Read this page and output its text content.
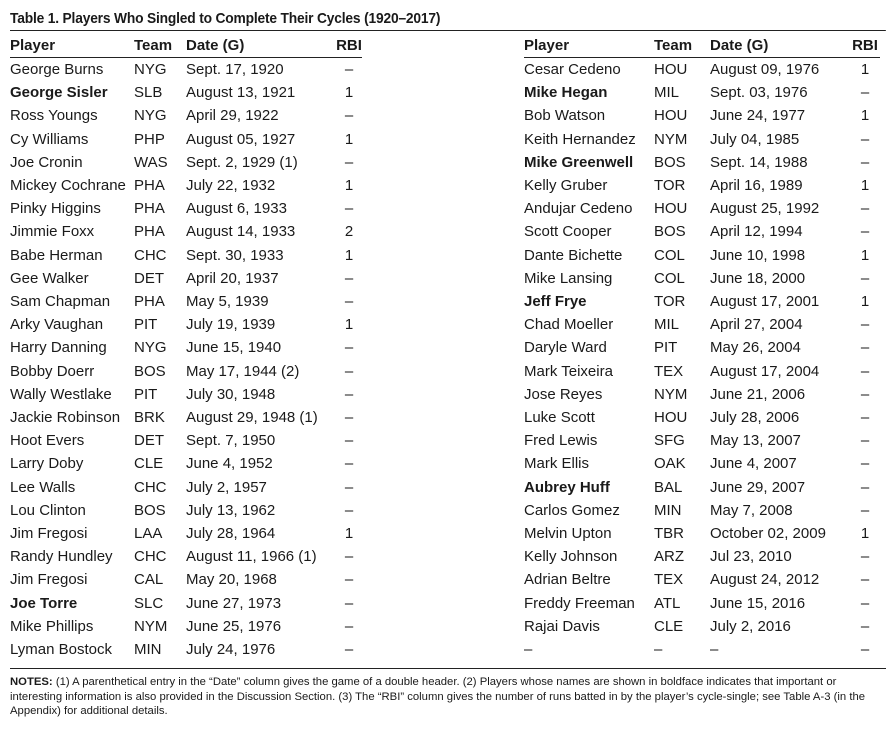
Table 1. Players Who Singled to Complete Their Cycles (1920–2017)
Player	Team	Date (G)	RBI
George Burns	NYG	Sept. 17, 1920	–
George Sisler	SLB	August 13, 1921	1
Ross Youngs	NYG	April 29, 1922	–
Cy Williams	PHP	August 05, 1927	1
Joe Cronin	WAS	Sept. 2, 1929 (1)	–
Mickey Cochrane	PHA	July 22, 1932	1
Pinky Higgins	PHA	August 6, 1933	–
Jimmie Foxx	PHA	August 14, 1933	2
Babe Herman	CHC	Sept. 30, 1933	1
Gee Walker	DET	April 20, 1937	–
Sam Chapman	PHA	May 5, 1939	–
Arky Vaughan	PIT	July 19, 1939	1
Harry Danning	NYG	June 15, 1940	–
Bobby Doerr	BOS	May 17, 1944 (2)	–
Wally Westlake	PIT	July 30, 1948	–
Jackie Robinson	BRK	August 29, 1948 (1)	–
Hoot Evers	DET	Sept. 7, 1950	–
Larry Doby	CLE	June 4, 1952	–
Lee Walls	CHC	July 2, 1957	–
Lou Clinton	BOS	July 13, 1962	–
Jim Fregosi	LAA	July 28, 1964	1
Randy Hundley	CHC	August 11, 1966 (1)	–
Jim Fregosi	CAL	May 20, 1968	–
Joe Torre	SLC	June 27, 1973	–
Mike Phillips	NYM	June 25, 1976	–
Lyman Bostock	MIN	July 24, 1976	–
Player	Team	Date (G)	RBI
Cesar Cedeno	HOU	August 09, 1976	1
Mike Hegan	MIL	Sept. 03, 1976	–
Bob Watson	HOU	June 24, 1977	1
Keith Hernandez	NYM	July 04, 1985	–
Mike Greenwell	BOS	Sept. 14, 1988	–
Kelly Gruber	TOR	April 16, 1989	1
Andujar Cedeno	HOU	August 25, 1992	–
Scott Cooper	BOS	April 12, 1994	–
Dante Bichette	COL	June 10, 1998	1
Mike Lansing	COL	June 18, 2000	–
Jeff Frye	TOR	August 17, 2001	1
Chad Moeller	MIL	April 27, 2004	–
Daryle Ward	PIT	May 26, 2004	–
Mark Teixeira	TEX	August 17, 2004	–
Jose Reyes	NYM	June 21, 2006	–
Luke Scott	HOU	July 28, 2006	–
Fred Lewis	SFG	May 13, 2007	–
Mark Ellis	OAK	June 4, 2007	–
Aubrey Huff	BAL	June 29, 2007	–
Carlos Gomez	MIN	May 7, 2008	–
Melvin Upton	TBR	October 02, 2009	1
Kelly Johnson	ARZ	Jul 23, 2010	–
Adrian Beltre	TEX	August 24, 2012	–
Freddy Freeman	ATL	June 15, 2016	–
Rajai Davis	CLE	July 2, 2016	–
–	–	–	–
NOTES: (1) A parenthetical entry in the “Date” column gives the game of a double header. (2) Players whose names are shown in boldface indicates that important or interesting information is also provided in the Discussion Section. (3) The “RBI” column gives the number of runs batted in by the player’s cycle-single; see Table A-3 (in the Appendix) for additional details.
